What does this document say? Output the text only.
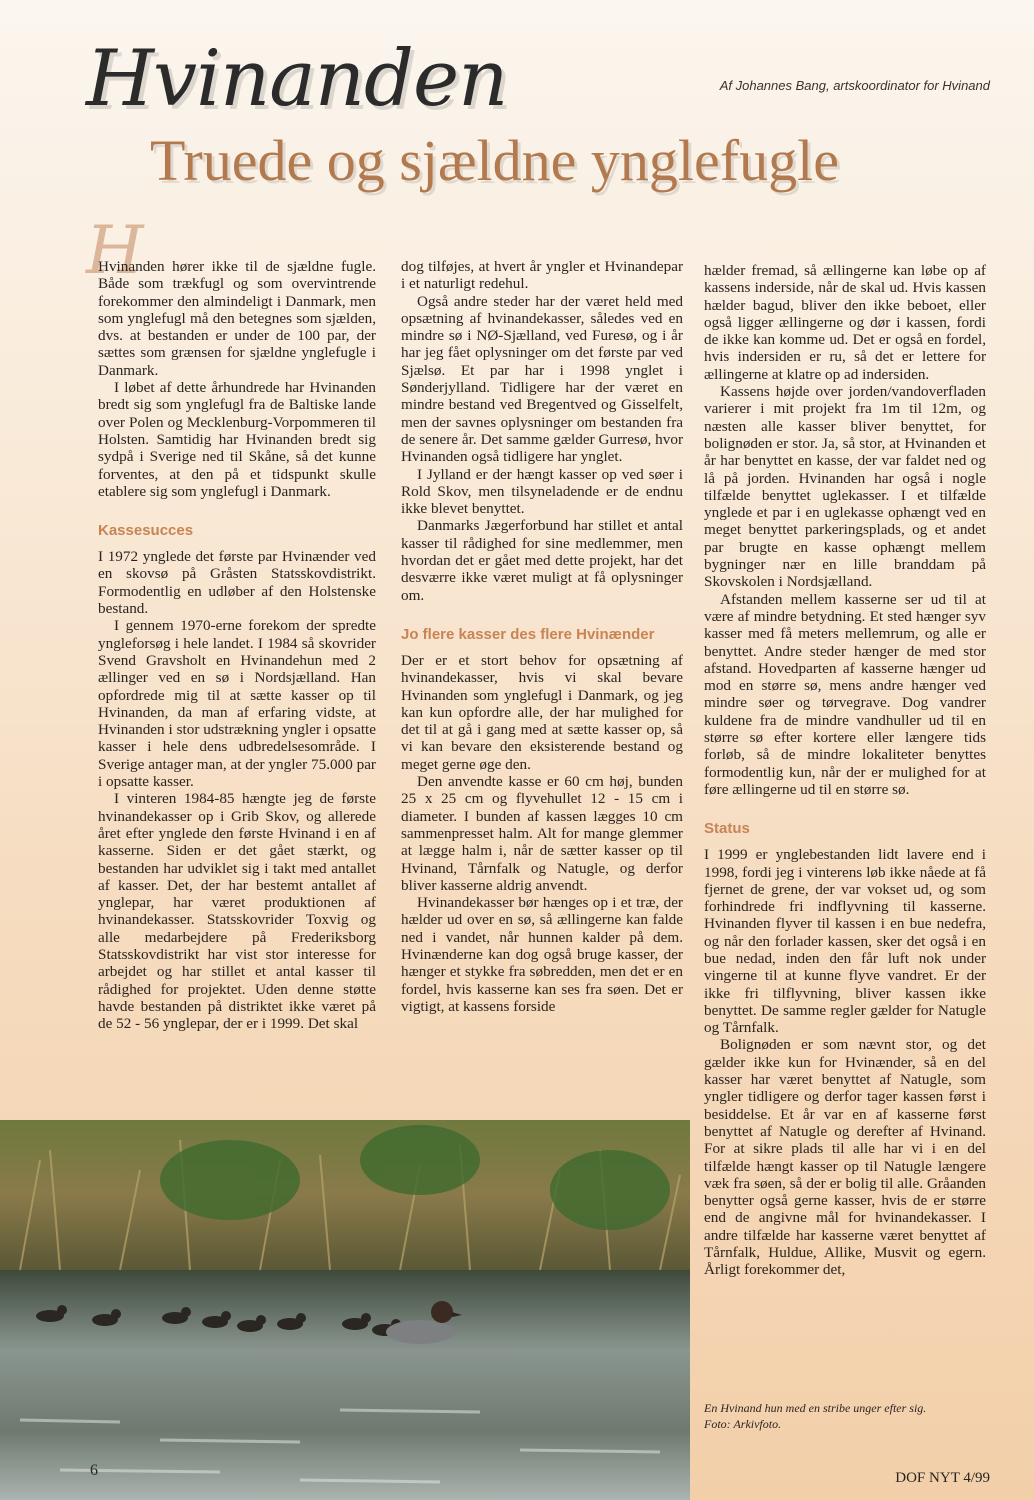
Hvinanden
Truede og sjældne ynglefugle
Af Johannes Bang, artskoordinator for Hvinand
H

Hvinanden hører ikke til de sjældne fugle. Både som trækfugl og som overvintrende forekommer den almindeligt i Danmark, men som ynglefugl må den betegnes som sjælden, dvs. at bestanden er under de 100 par, der sættes som grænsen for sjældne ynglefugle i Danmark.

I løbet af dette århundrede har Hvinanden bredt sig som ynglefugl fra de Baltiske lande over Polen og Mecklenburg-Vorpommeren til Holsten. Samtidig har Hvinanden bredt sig sydpå i Sverige ned til Skåne, så det kunne forventes, at den på et tidspunkt skulle etablere sig som ynglefugl i Danmark.

Kassesucces

I 1972 ynglede det første par Hvinænder ved en skovsø på Gråsten Statsskovdistrikt. Formodentlig en udløber af den Holstenske bestand.

I gennem 1970-erne forekom der spredte yngleforsøg i hele landet. I 1984 så skovrider Svend Gravsholt en Hvinandehun med 2 ællinger ved en sø i Nordsjælland. Han opfordrede mig til at sætte kasser op til Hvinanden, da man af erfaring vidste, at Hvinanden i stor udstrækning yngler i opsatte kasser i hele dens udbredelsesområde. I Sverige antager man, at der yngler 75.000 par i opsatte kasser.

I vinteren 1984-85 hængte jeg de første hvinandekasser op i Grib Skov, og allerede året efter ynglede den første Hvinand i en af kasserne. Siden er det gået stærkt, og bestanden har udviklet sig i takt med antallet af kasser. Det, der har bestemt antallet af ynglepar, har været produktionen af hvinandekasser. Statsskovrider Toxvig og alle medarbejdere på Frederiksborg Statsskovdistrikt har vist stor interesse for arbejdet og har stillet et antal kasser til rådighed for projektet. Uden denne støtte havde bestanden på distriktet ikke været på de 52 - 56 ynglepar, der er i 1999. Det skal

dog tilføjes, at hvert år yngler et Hvinandepar i et naturligt redehul.

Også andre steder har der været held med opsætning af hvinandekasser, således ved en mindre sø i NØ-Sjælland, ved Furesø, og i år har jeg fået oplysninger om det første par ved Sjælsø. Et par har i 1998 ynglet i Sønderjylland. Tidligere har der været en mindre bestand ved Bregentved og Gisselfelt, men der savnes oplysninger om bestanden fra de senere år. Det samme gælder Gurresø, hvor Hvinanden også tidligere har ynglet.

I Jylland er der hængt kasser op ved søer i Rold Skov, men tilsyneladende er de endnu ikke blevet benyttet.

Danmarks Jægerforbund har stillet et antal kasser til rådighed for sine medlemmer, men hvordan det er gået med dette projekt, har det desværre ikke været muligt at få oplysninger om.

Jo flere kasser des flere Hvinænder

Der er et stort behov for opsætning af hvinandekasser, hvis vi skal bevare Hvinanden som ynglefugl i Danmark, og jeg kan kun opfordre alle, der har mulighed for det til at gå i gang med at sætte kasser op, så vi kan bevare den eksisterende bestand og meget gerne øge den.

Den anvendte kasse er 60 cm høj, bunden 25 x 25 cm og flyvehullet 12 - 15 cm i diameter. I bunden af kassen lægges 10 cm sammenpresset halm. Alt for mange glemmer at lægge halm i, når de sætter kasser op til Hvinand, Tårnfalk og Natugle, og derfor bliver kasserne aldrig anvendt.

Hvinandekasser bør hænges op i et træ, der hælder ud over en sø, så ællingerne kan falde ned i vandet, når hunnen kalder på dem. Hvinænderne kan dog også bruge kasser, der hænger et stykke fra søbredden, men det er en fordel, hvis kasserne kan ses fra søen. Det er vigtigt, at kassens forside

hælder fremad, så ællingerne kan løbe op af kassens inderside, når de skal ud. Hvis kassen hælder bagud, bliver den ikke beboet, eller også ligger ællingerne og dør i kassen, fordi de ikke kan komme ud. Det er også en fordel, hvis indersiden er ru, så det er lettere for ællingerne at klatre op ad indersiden.

Kassens højde over jorden/vandoverfladen varierer i mit projekt fra 1m til 12m, og næsten alle kasser bliver benyttet, for bolignøden er stor. Ja, så stor, at Hvinanden et år har benyttet en kasse, der var faldet ned og lå på jorden. Hvinanden har også i nogle tilfælde benyttet uglekasser. I et tilfælde ynglede et par i en uglekasse ophængt ved en meget benyttet parkeringsplads, og et andet par brugte en kasse ophængt mellem bygninger nær en lille branddam på Skovskolen i Nordsjælland.

Afstanden mellem kasserne ser ud til at være af mindre betydning. Et sted hænger syv kasser med få meters mellemrum, og alle er benyttet. Andre steder hænger de med stor afstand. Hovedparten af kasserne hænger ud mod en større sø, mens andre hænger ved mindre søer og tørvegrave. Dog vandrer kuldene fra de mindre vandhuller ud til en større sø efter kortere eller længere tids forløb, så de mindre lokaliteter benyttes formodentlig kun, når der er mulighed for at føre ællingerne ud til en større sø.

Status

I 1999 er ynglebestanden lidt lavere end i 1998, fordi jeg i vinterens løb ikke nåede at få fjernet de grene, der var vokset ud, og som forhindrede fri indflyvning til kasserne. Hvinanden flyver til kassen i en bue nedefra, og når den forlader kassen, sker det også i en bue nedad, inden den får luft nok under vingerne til at kunne flyve vandret. Er der ikke fri tilflyvning, bliver kassen ikke benyttet. De samme regler gælder for Natugle og Tårnfalk.

Bolignøden er som nævnt stor, og det gælder ikke kun for Hvinænder, så en del kasser har været benyttet af Natugle, som yngler tidligere og derfor tager kassen først i besiddelse. Et år var en af kasserne først benyttet af Natugle og derefter af Hvinand. For at sikre plads til alle har vi i en del tilfælde hængt kasser op til Natugle længere væk fra søen, så der er bolig til alle. Gråanden benytter også gerne kasser, hvis de er større end de angivne mål for hvinandekasser. I andre tilfælde har kasserne været benyttet af Tårnfalk, Huldue, Allike, Musvit og egern. Årligt forekommer det,

En Hvinand hun med en stribe unger efter sig.
Foto: Arkivfoto.
6	DOF NYT 4/99
